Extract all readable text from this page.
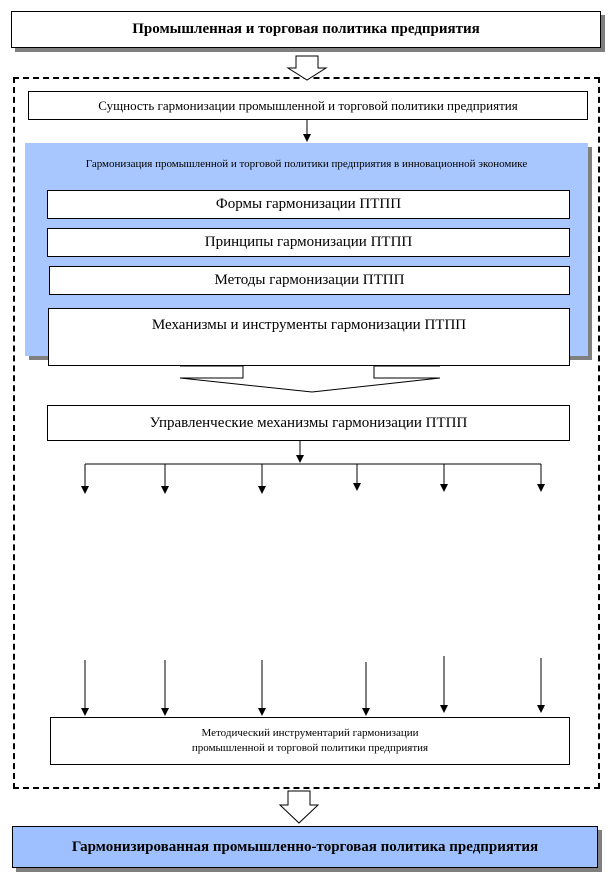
Промышленная и торговая политика предприятия
Сущность гармонизации промышленной и торговой политики предприятия
Гармонизация промышленной и торговой политики предприятия в инновационной экономике
Формы гармонизации ПТПП
Принципы гармонизации ПТПП
Методы гармонизации ПТПП
Механизмы и инструменты гармонизации ПТПП
Управленческие механизмы гармонизации ПТПП
Методический инструментарий гармонизации
промышленной и торговой политики предприятия
Гармонизированная промышленно-торговая политика предприятия
